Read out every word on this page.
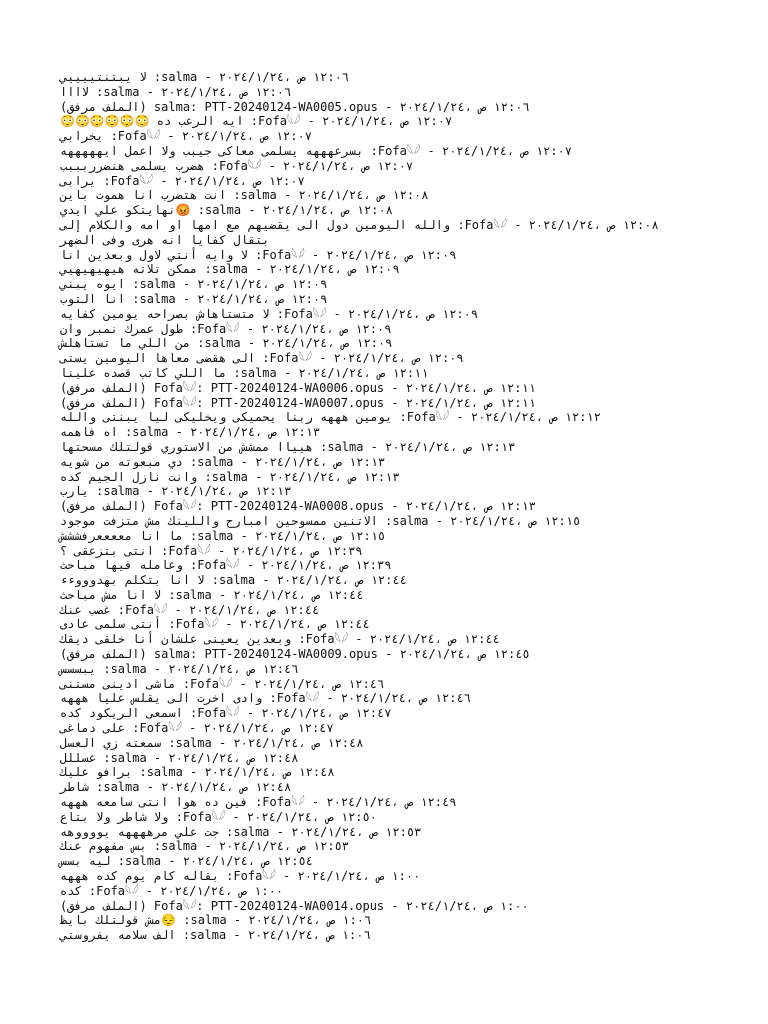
١٢:٠٦ ص ،٢٠٢٤/١/٢٤ - salma: لا يبتنتييييي
١٢:٠٦ ص ،٢٠٢٤/١/٢٤ - salma: لاااا
١٢:٠٦ ص ،٢٠٢٤/١/٢٤ - salma: PTT-20240124-WA0005.opus (الملف مرفق)
١٢:٠٧ ص ،٢٠٢٤/١/٢٤ - Fofa𓆩𓆪: ايه الرعب ده 😳😳😳😳😳😳
١٢:٠٧ ص ،٢٠٢٤/١/٢٤ - Fofa𓆩𓆪: يخرابي
١٢:٠٧ ص ،٢٠٢٤/١/٢٤ - Fofa𓆩𓆪: بسرعهههه يسلمى معاكى جيبب ولا اعمل ايهههههه
١٢:٠٧ ص ،٢٠٢٤/١/٢٤ - Fofa𓆩𓆪: هضرب يسلمى هنضرربببب
١٢:٠٧ ص ،٢٠٢٤/١/٢٤ - Fofa𓆩𓆪: يرابى
١٢:٠٨ ص ،٢٠٢٤/١/٢٤ - salma: انت هتضرب انا هموت باين
١٢:٠٨ ص ،٢٠٢٤/١/٢٤ - salma: 😡نهايتكو علي ايدي
١٢:٠٨ ص ،٢٠٢٤/١/٢٤ - Fofa𓆩𓆪: والله اليومين دول الى يقضيهم مع امها او امه والكلام إلى بتقال كفايا انه هرى وفى الضهر
١٢:٠٩ ص ،٢٠٢٤/١/٢٤ - Fofa𓆩𓆪: لا وايه أنتي لاول وبعدين انا
١٢:٠٩ ص ،٢٠٢٤/١/٢٤ - salma: ممكن تلاته هيهيهيهيي
١٢:٠٩ ص ،٢٠٢٤/١/٢٤ - salma: ايوه يبني
١٢:٠٩ ص ،٢٠٢٤/١/٢٤ - salma: انا التوب
١٢:٠٩ ص ،٢٠٢٤/١/٢٤ - Fofa𓆩𓆪: لا متستاهاش بصراحه يومين كفايه
١٢:٠٩ ص ،٢٠٢٤/١/٢٤ - Fofa𓆩𓆪: طول عمرك نمبر وان
١٢:٠٩ ص ،٢٠٢٤/١/٢٤ - salma: من اللي ما تستاهلش
١٢:٠٩ ص ،٢٠٢٤/١/٢٤ - Fofa𓆩𓆪: الى هقضى معاها اليومين يستى
١٢:١١ ص ،٢٠٢٤/١/٢٤ - salma: ما اللي كاتب قصده علينا
١٢:١١ ص ،٢٠٢٤/١/٢٤ - Fofa𓆩𓆪: PTT-20240124-WA0006.opus (الملف مرفق)
١٢:١١ ص ،٢٠٢٤/١/٢٤ - Fofa𓆩𓆪: PTT-20240124-WA0007.opus (الملف مرفق)
١٢:١٢ ص ،٢٠٢٤/١/٢٤ - Fofa𓆩𓆪: يومين هههه ربنا يحميكى ويخليكى ليا يبنتى والله
١٢:١٣ ص ،٢٠٢٤/١/٢٤ - salma: اه فاهمه
١٢:١٣ ص ،٢٠٢٤/١/٢٤ - salma: هيياا ممشش من الاستوري قولتلك مسحتها
١٢:١٣ ص ،٢٠٢٤/١/٢٤ - salma: دي مبعوته من شويه
١٢:١٣ ص ،٢٠٢٤/١/٢٤ - salma: وانت نازل الجيم كده
١٢:١٣ ص ،٢٠٢٤/١/٢٤ - salma: يارب
١٢:١٣ ص ،٢٠٢٤/١/٢٤ - Fofa𓆩𓆪: PTT-20240124-WA0008.opus (الملف مرفق)
١٢:١٥ ص ،٢٠٢٤/١/٢٤ - salma: الاتنين ممسوحين امبارح واللينك مش متزفت موجود
١٢:١٥ ص ،٢٠٢٤/١/٢٤ - salma: ما انا مععععرفششش
١٢:٣٩ ص ،٢٠٢٤/١/٢٤ - Fofa𓆩𓆪: انتى بتزعقى ؟
١٢:٣٩ ص ،٢٠٢٤/١/٢٤ - Fofa𓆩𓆪: وعامله فيها مباحث
١٢:٤٤ ص ،٢٠٢٤/١/٢٤ - salma: لا انا بتكلم بهدوووءء
١٢:٤٤ ص ،٢٠٢٤/١/٢٤ - salma: لا انا مش مباحث
١٢:٤٤ ص ،٢٠٢٤/١/٢٤ - Fofa𓆩𓆪: غصب عنك
١٢:٤٤ ص ،٢٠٢٤/١/٢٤ - Fofa𓆩𓆪: أنتى سلمى عادى
١٢:٤٤ ص ،٢٠٢٤/١/٢٤ - Fofa𓆩𓆪: وبعدين يعينى علشان أنا خلقى ديقك
١٢:٤٥ ص ،٢٠٢٤/١/٢٤ - salma: PTT-20240124-WA0009.opus (الملف مرفق)
١٢:٤٦ ص ،٢٠٢٤/١/٢٤ - salma: يبسسس
١٢:٤٦ ص ،٢٠٢٤/١/٢٤ - Fofa𓆩𓆪: ماشى ادينى مستنى
١٢:٤٦ ص ،٢٠٢٤/١/٢٤ - Fofa𓆩𓆪: وادى اخرت الى يقلس عليا هههه
١٢:٤٧ ص ،٢٠٢٤/١/٢٤ - Fofa𓆩𓆪: اسمعى الريكود كده
١٢:٤٧ ص ،٢٠٢٤/١/٢٤ - Fofa𓆩𓆪: على دماغى
١٢:٤٨ ص ،٢٠٢٤/١/٢٤ - salma: سمعته زي العسل
١٢:٤٨ ص ،٢٠٢٤/١/٢٤ - salma: عسللل
١٢:٤٨ ص ،٢٠٢٤/١/٢٤ - salma: برافو عليك
١٢:٤٨ ص ،٢٠٢٤/١/٢٤ - salma: شاطر
١٢:٤٩ ص ،٢٠٢٤/١/٢٤ - Fofa𓆩𓆪: فين ده هوا انتى سامعه هههه
١٢:٥٠ ص ،٢٠٢٤/١/٢٤ - Fofa𓆩𓆪: ولا شاطر ولا بتاع
١٢:٥٣ ص ،٢٠٢٤/١/٢٤ - salma: جت علي مرههههه يووووهه
١٢:٥٣ ص ،٢٠٢٤/١/٢٤ - salma: بس مفهوم عنك
١٢:٥٤ ص ،٢٠٢٤/١/٢٤ - salma: ليه بسس
١:٠٠ ص ،٢٠٢٤/١/٢٤ - Fofa𓆩𓆪: بقاله كام يوم كده هههه
١:٠٠ ص ،٢٠٢٤/١/٢٤ - Fofa𓆩𓆪: كده
١:٠٠ ص ،٢٠٢٤/١/٢٤ - Fofa𓆩𓆪: PTT-20240124-WA0014.opus (الملف مرفق)
١:٠٦ ص ،٢٠٢٤/١/٢٤ - salma: 😔مش قولتلك بايظ
١:٠٦ ص ،٢٠٢٤/١/٢٤ - salma: الف سلامه يفروستي
